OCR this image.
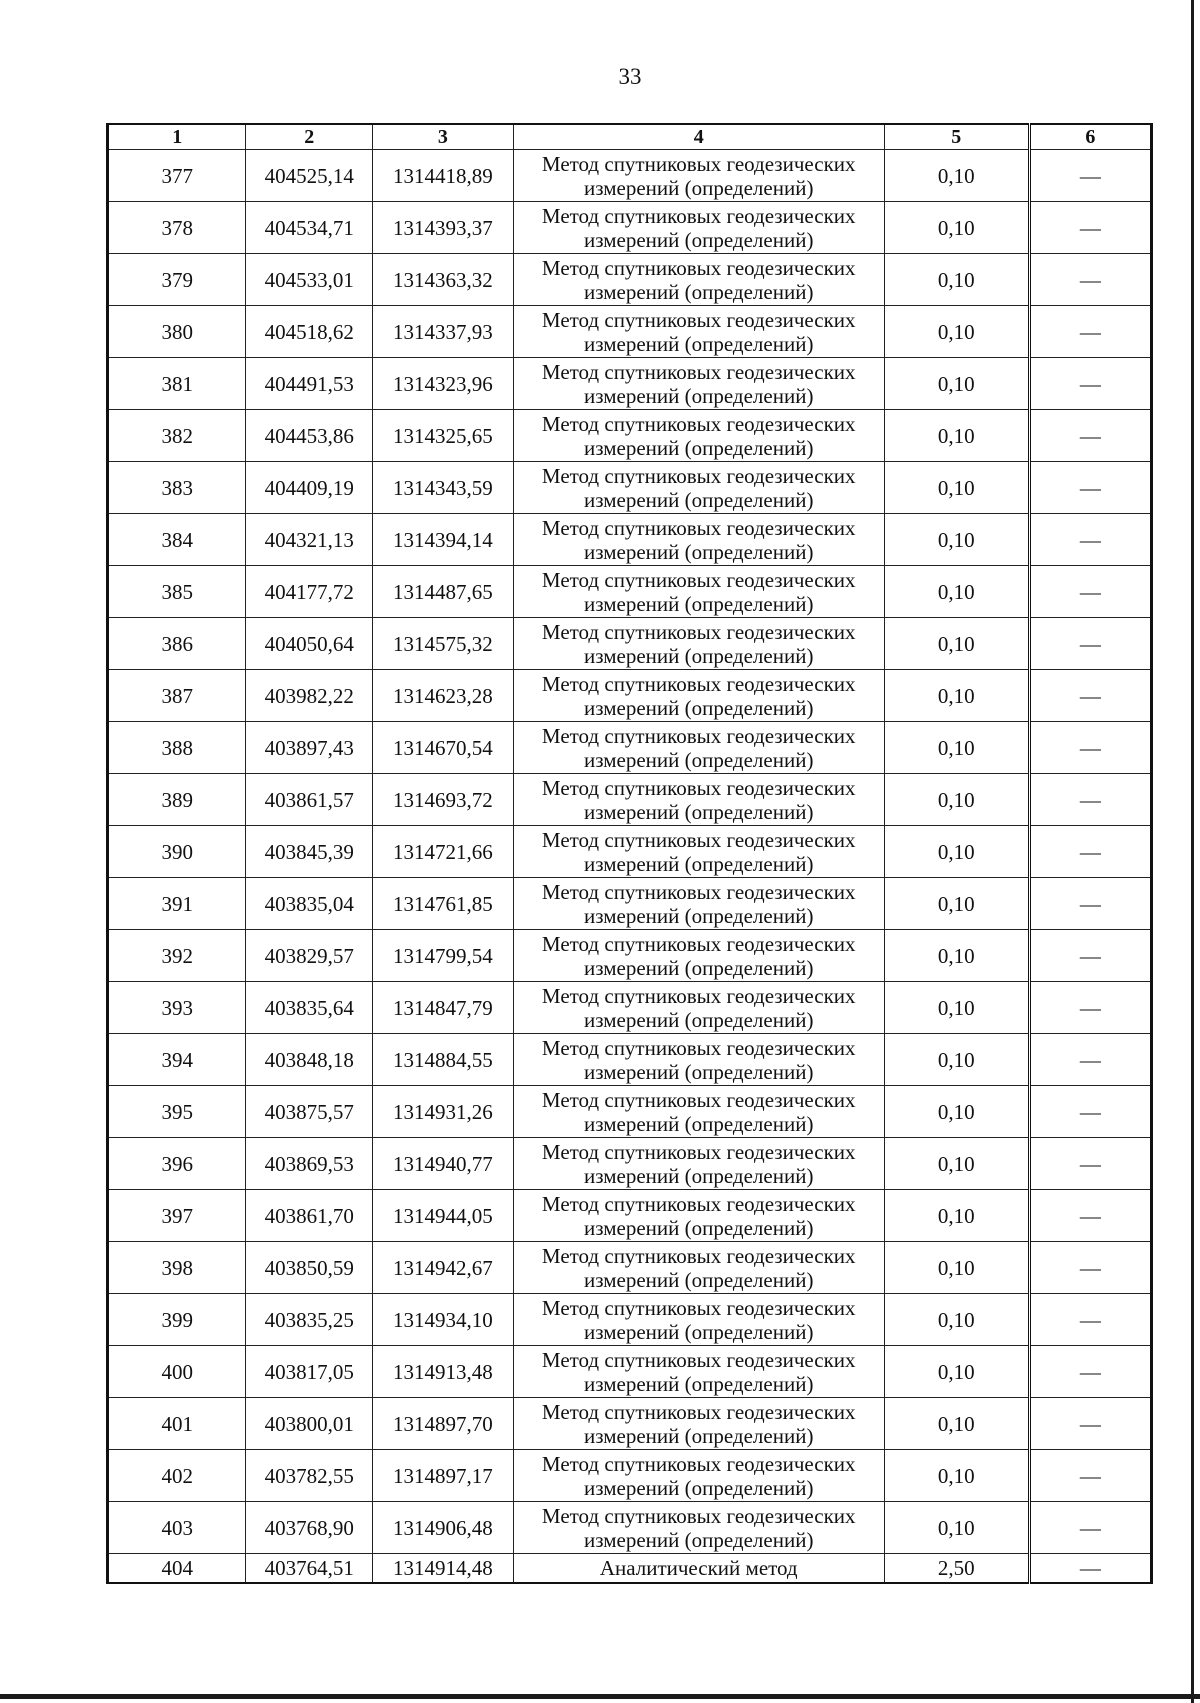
33
1	2	3	4	5	6
377	404525,14	1314418,89	Метод спутниковых геодезических измерений (определений)	0,10	—
378	404534,71	1314393,37	Метод спутниковых геодезических измерений (определений)	0,10	—
379	404533,01	1314363,32	Метод спутниковых геодезических измерений (определений)	0,10	—
380	404518,62	1314337,93	Метод спутниковых геодезических измерений (определений)	0,10	—
381	404491,53	1314323,96	Метод спутниковых геодезических измерений (определений)	0,10	—
382	404453,86	1314325,65	Метод спутниковых геодезических измерений (определений)	0,10	—
383	404409,19	1314343,59	Метод спутниковых геодезических измерений (определений)	0,10	—
384	404321,13	1314394,14	Метод спутниковых геодезических измерений (определений)	0,10	—
385	404177,72	1314487,65	Метод спутниковых геодезических измерений (определений)	0,10	—
386	404050,64	1314575,32	Метод спутниковых геодезических измерений (определений)	0,10	—
387	403982,22	1314623,28	Метод спутниковых геодезических измерений (определений)	0,10	—
388	403897,43	1314670,54	Метод спутниковых геодезических измерений (определений)	0,10	—
389	403861,57	1314693,72	Метод спутниковых геодезических измерений (определений)	0,10	—
390	403845,39	1314721,66	Метод спутниковых геодезических измерений (определений)	0,10	—
391	403835,04	1314761,85	Метод спутниковых геодезических измерений (определений)	0,10	—
392	403829,57	1314799,54	Метод спутниковых геодезических измерений (определений)	0,10	—
393	403835,64	1314847,79	Метод спутниковых геодезических измерений (определений)	0,10	—
394	403848,18	1314884,55	Метод спутниковых геодезических измерений (определений)	0,10	—
395	403875,57	1314931,26	Метод спутниковых геодезических измерений (определений)	0,10	—
396	403869,53	1314940,77	Метод спутниковых геодезических измерений (определений)	0,10	—
397	403861,70	1314944,05	Метод спутниковых геодезических измерений (определений)	0,10	—
398	403850,59	1314942,67	Метод спутниковых геодезических измерений (определений)	0,10	—
399	403835,25	1314934,10	Метод спутниковых геодезических измерений (определений)	0,10	—
400	403817,05	1314913,48	Метод спутниковых геодезических измерений (определений)	0,10	—
401	403800,01	1314897,70	Метод спутниковых геодезических измерений (определений)	0,10	—
402	403782,55	1314897,17	Метод спутниковых геодезических измерений (определений)	0,10	—
403	403768,90	1314906,48	Метод спутниковых геодезических измерений (определений)	0,10	—
404	403764,51	1314914,48	Аналитический метод	2,50	—
